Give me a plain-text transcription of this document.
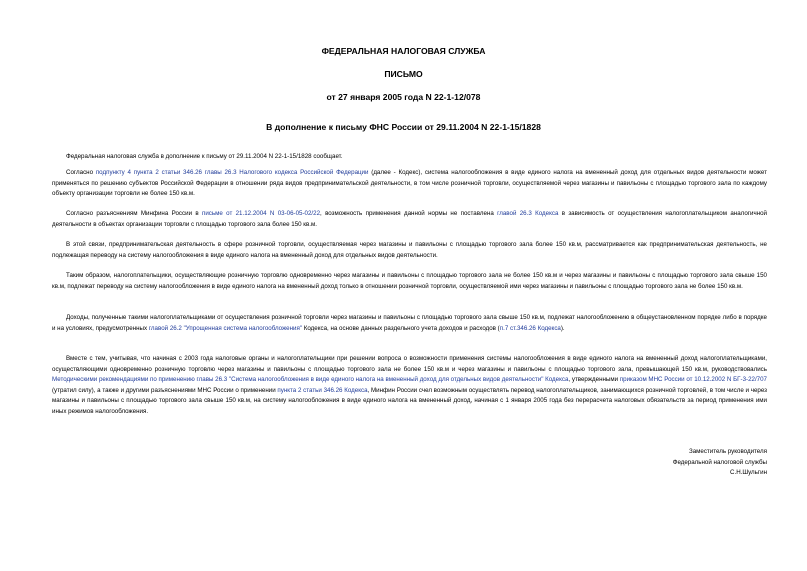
ФЕДЕРАЛЬНАЯ НАЛОГОВАЯ СЛУЖБА
ПИСЬМО
от 27 января 2005 года N 22-1-12/078
В дополнение к письму ФНС России от 29.11.2004 N 22-1-15/1828

Федеральная налоговая служба в дополнение к письму от 29.11.2004 N 22-1-15/1828 сообщает.

Согласно подпункту 4 пункта 2 статьи 346.26 главы 26.3 Налогового кодекса Российской Федерации (далее - Кодекс), система налогообложения в виде единого налога на вмененный доход для отдельных видов деятельности может применяться по решению субъектов Российской Федерации в отношении ряда видов предпринимательской деятельности, в том числе розничной торговли, осуществляемой через магазины и павильоны с площадью торгового зала по каждому объекту организации торговли не более 150 кв.м.

Согласно разъяснениям Минфина России в письме от 21.12.2004 N 03-06-05-02/22, возможность применения данной нормы не поставлена главой 26.3 Кодекса в зависимость от осуществления налогоплательщиком аналогичной деятельности в объектах организации торговли с площадью торгового зала более 150 кв.м.

В этой связи, предпринимательская деятельность в сфере розничной торговли, осуществляемая через магазины и павильоны с площадью торгового зала более 150 кв.м, рассматривается как предпринимательская деятельность, не подлежащая переводу на систему налогообложения в виде единого налога на вмененный доход для отдельных видов деятельности.

Таким образом, налогоплательщики, осуществляющие розничную торговлю одновременно через магазины и павильоны с площадью торгового зала не более 150 кв.м и через магазины и павильоны с площадью торгового зала свыше 150 кв.м, подлежат переводу на систему налогообложения в виде единого налога на вмененный доход только в отношении розничной торговли, осуществляемой ими через магазины и павильоны с площадью торгового зала не более 150 кв.м.

Доходы, полученные такими налогоплательщиками от осуществления розничной торговли через магазины и павильоны с площадью торгового зала свыше 150 кв.м, подлежат налогообложению в общеустановленном порядке либо в порядке и на условиях, предусмотренных главой 26.2 "Упрощенная система налогообложения" Кодекса, на основе данных раздельного учета доходов и расходов (п.7 ст.346.26 Кодекса).

Вместе с тем, учитывая, что начиная с 2003 года налоговые органы и налогоплательщики при решении вопроса о возможности применения системы налогообложения в виде единого налога на вмененный доход налогоплательщиками, осуществляющими одновременно розничную торговлю через магазины и павильоны с площадью торгового зала не более 150 кв.м и через магазины и павильоны с площадью торгового зала, превышающей 150 кв.м, руководствовались Методическими рекомендациями по применению главы 26.3 "Система налогообложения в виде единого налога на вмененный доход для отдельных видов деятельности" Кодекса, утвержденными приказом МНС России от 10.12.2002 N БГ-3-22/707 (утратил силу), а также и другими разъяснениями МНС России о применении пункта 2 статьи 346.26 Кодекса, Минфин России счел возможным осуществлять перевод налогоплательщиков, занимающихся розничной торговлей, в том числе и через магазины и павильоны с площадью торгового зала свыше 150 кв.м, на систему налогообложения в виде единого налога на вмененный доход, начиная с 1 января 2005 года без перерасчета налоговых обязательств за период применения ими иных режимов налогообложения.

Заместитель руководителя
Федеральной налоговой службы
С.Н.Шульгин
